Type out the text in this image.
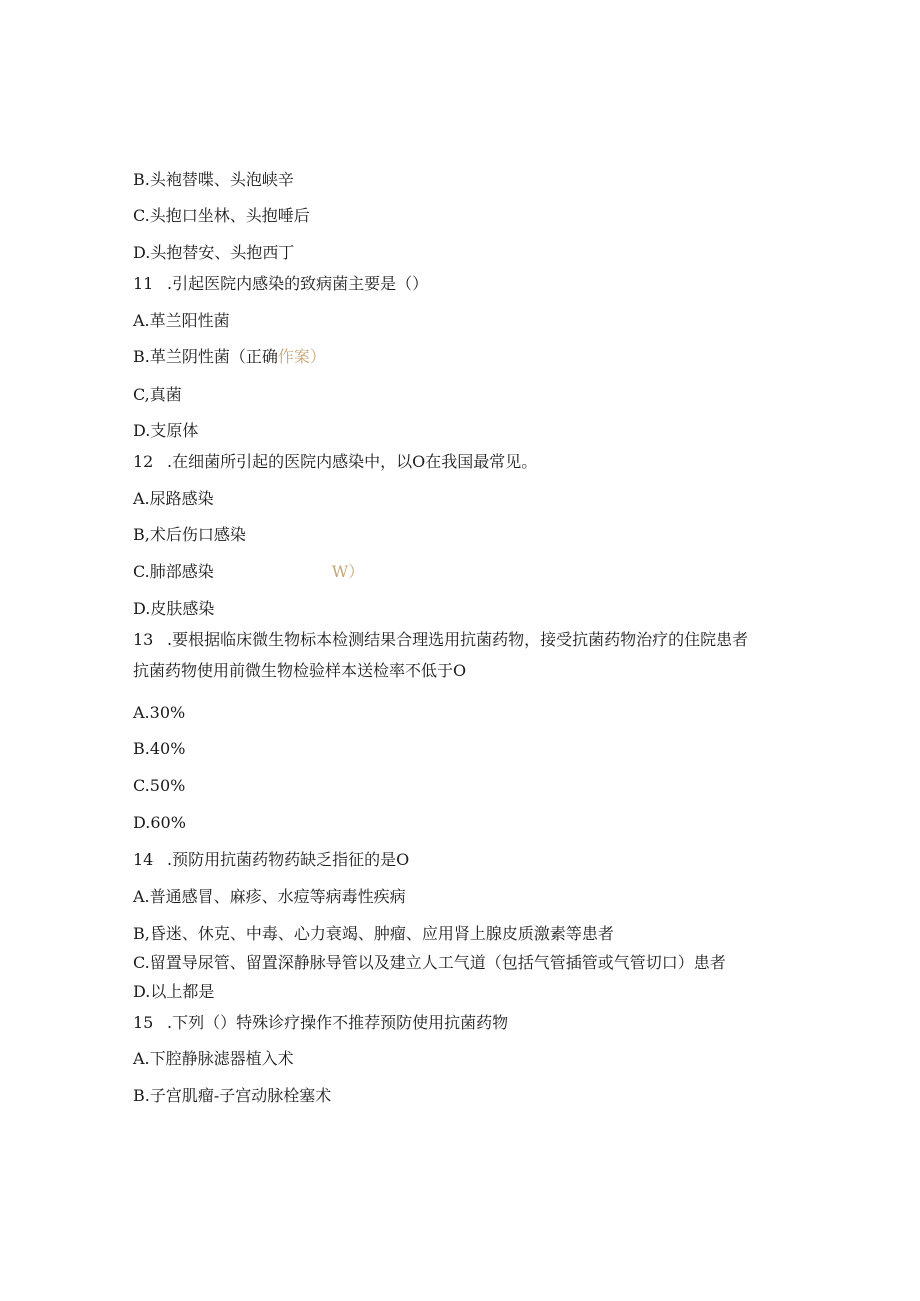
B.头袍替喋、头泡峡辛
C.头抱口坐林、头抱唾后
D.头抱替安、头抱西丁
11 .引起医院内感染的致病菌主要是（）
A.革兰阳性菌
B.革兰阴性菌（正确作案）
C,真菌
D.支原体
12 .在细菌所引起的医院内感染中，以O在我国最常见。
A.尿路感染
B,术后伤口感染
C.肺部感染	W）
D.皮肤感染
13 .要根据临床微生物标本检测结果合理选用抗菌药物，接受抗菌药物治疗的住院患者
抗菌药物使用前微生物检验样本送检率不低于O
A.30%
B.40%
C.50%
D.60%
14 .预防用抗菌药物药缺乏指征的是O
A.普通感冒、麻疹、水痘等病毒性疾病
B,昏迷、休克、中毒、心力衰竭、肿瘤、应用肾上腺皮质激素等患者
C.留置导尿管、留置深静脉导管以及建立人工气道（包括气管插管或气管切口）患者
D.以上都是
15 .下列（）特殊诊疗操作不推荐预防使用抗菌药物
A.下腔静脉滤器植入术
B.子宫肌瘤-子宫动脉栓塞术
